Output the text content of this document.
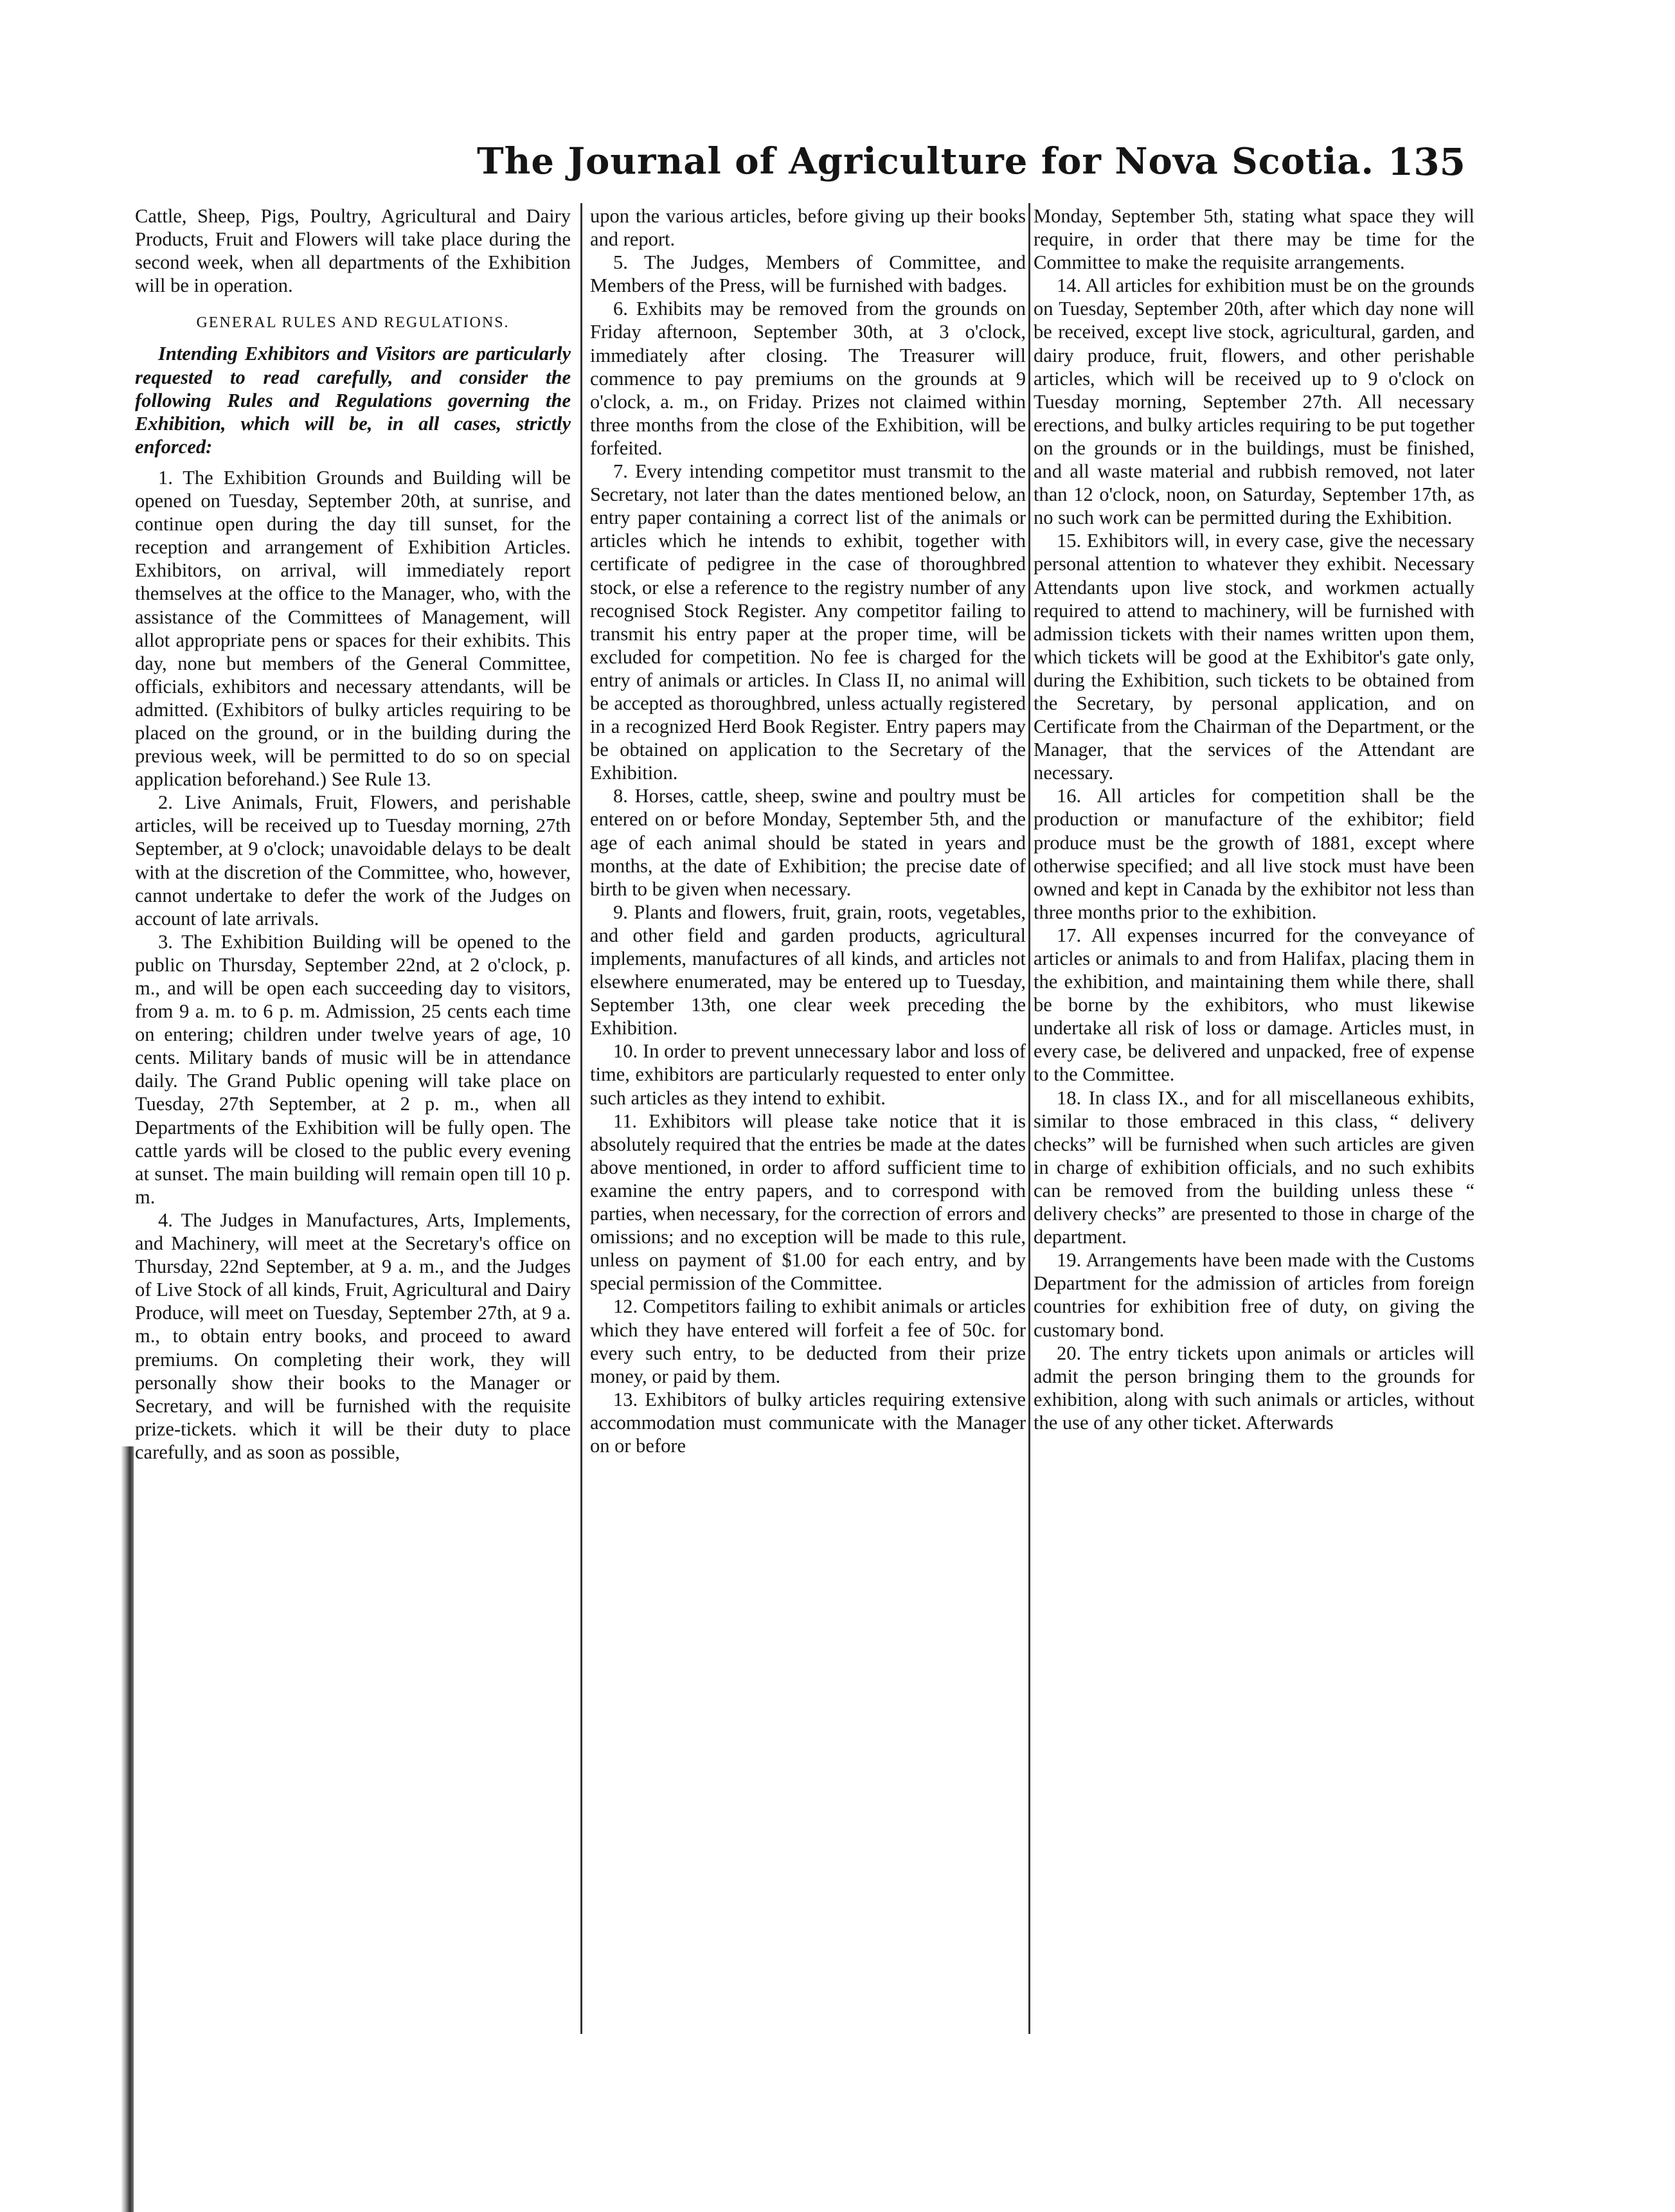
The Journal of Agriculture for Nova Scotia. 135

Cattle, Sheep, Pigs, Poultry, Agricultural and Dairy Products, Fruit and Flowers will take place during the second week, when all departments of the Exhibition will be in operation.

GENERAL RULES AND REGULATIONS.

Intending Exhibitors and Visitors are particularly requested to read carefully, and consider the following Rules and Regulations governing the Exhibition, which will be, in all cases, strictly enforced:

1. The Exhibition Grounds and Building will be opened on Tuesday, September 20th, at sunrise, and continue open during the day till sunset, for the reception and arrangement of Exhibition Articles. Exhibitors, on arrival, will immediately report themselves at the office to the Manager, who, with the assistance of the Committees of Management, will allot appropriate pens or spaces for their exhibits. This day, none but members of the General Committee, officials, exhibitors and necessary attendants, will be admitted. (Exhibitors of bulky articles requiring to be placed on the ground, or in the building during the previous week, will be permitted to do so on special application beforehand.) See Rule 13.

2. Live Animals, Fruit, Flowers, and perishable articles, will be received up to Tuesday morning, 27th September, at 9 o'clock; unavoidable delays to be dealt with at the discretion of the Committee, who, however, cannot undertake to defer the work of the Judges on account of late arrivals.

3. The Exhibition Building will be opened to the public on Thursday, September 22nd, at 2 o'clock, p. m., and will be open each succeeding day to visitors, from 9 a. m. to 6 p. m. Admission, 25 cents each time on entering; children under twelve years of age, 10 cents. Military bands of music will be in attendance daily. The Grand Public opening will take place on Tuesday, 27th September, at 2 p. m., when all Departments of the Exhibition will be fully open. The cattle yards will be closed to the public every evening at sunset. The main building will remain open till 10 p. m.

4. The Judges in Manufactures, Arts, Implements, and Machinery, will meet at the Secretary's office on Thursday, 22nd September, at 9 a. m., and the Judges of Live Stock of all kinds, Fruit, Agricultural and Dairy Produce, will meet on Tuesday, September 27th, at 9 a. m., to obtain entry books, and proceed to award premiums. On completing their work, they will personally show their books to the Manager or Secretary, and will be furnished with the requisite prize-tickets. which it will be their duty to place carefully, and as soon as possible,

upon the various articles, before giving up their books and report.

5. The Judges, Members of Committee, and Members of the Press, will be furnished with badges.

6. Exhibits may be removed from the grounds on Friday afternoon, September 30th, at 3 o'clock, immediately after closing. The Treasurer will commence to pay premiums on the grounds at 9 o'clock, a. m., on Friday. Prizes not claimed within three months from the close of the Exhibition, will be forfeited.

7. Every intending competitor must transmit to the Secretary, not later than the dates mentioned below, an entry paper containing a correct list of the animals or articles which he intends to exhibit, together with certificate of pedigree in the case of thoroughbred stock, or else a reference to the registry number of any recognised Stock Register. Any competitor failing to transmit his entry paper at the proper time, will be excluded for competition. No fee is charged for the entry of animals or articles. In Class II, no animal will be accepted as thoroughbred, unless actually registered in a recognized Herd Book Register. Entry papers may be obtained on application to the Secretary of the Exhibition.

8. Horses, cattle, sheep, swine and poultry must be entered on or before Monday, September 5th, and the age of each animal should be stated in years and months, at the date of Exhibition; the precise date of birth to be given when necessary.

9. Plants and flowers, fruit, grain, roots, vegetables, and other field and garden products, agricultural implements, manufactures of all kinds, and articles not elsewhere enumerated, may be entered up to Tuesday, September 13th, one clear week preceding the Exhibition.

10. In order to prevent unnecessary labor and loss of time, exhibitors are particularly requested to enter only such articles as they intend to exhibit.

11. Exhibitors will please take notice that it is absolutely required that the entries be made at the dates above mentioned, in order to afford sufficient time to examine the entry papers, and to correspond with parties, when necessary, for the correction of errors and omissions; and no exception will be made to this rule, unless on payment of $1.00 for each entry, and by special permission of the Committee.

12. Competitors failing to exhibit animals or articles which they have entered will forfeit a fee of 50c. for every such entry, to be deducted from their prize money, or paid by them.

13. Exhibitors of bulky articles requiring extensive accommodation must communicate with the Manager on or before

Monday, September 5th, stating what space they will require, in order that there may be time for the Committee to make the requisite arrangements.

14. All articles for exhibition must be on the grounds on Tuesday, September 20th, after which day none will be received, except live stock, agricultural, garden, and dairy produce, fruit, flowers, and other perishable articles, which will be received up to 9 o'clock on Tuesday morning, September 27th. All necessary erections, and bulky articles requiring to be put together on the grounds or in the buildings, must be finished, and all waste material and rubbish removed, not later than 12 o'clock, noon, on Saturday, September 17th, as no such work can be permitted during the Exhibition.

15. Exhibitors will, in every case, give the necessary personal attention to whatever they exhibit. Necessary Attendants upon live stock, and workmen actually required to attend to machinery, will be furnished with admission tickets with their names written upon them, which tickets will be good at the Exhibitor's gate only, during the Exhibition, such tickets to be obtained from the Secretary, by personal application, and on Certificate from the Chairman of the Department, or the Manager, that the services of the Attendant are necessary.

16. All articles for competition shall be the production or manufacture of the exhibitor; field produce must be the growth of 1881, except where otherwise specified; and all live stock must have been owned and kept in Canada by the exhibitor not less than three months prior to the exhibition.

17. All expenses incurred for the conveyance of articles or animals to and from Halifax, placing them in the exhibition, and maintaining them while there, shall be borne by the exhibitors, who must likewise undertake all risk of loss or damage. Articles must, in every case, be delivered and unpacked, free of expense to the Committee.

18. In class IX., and for all miscellaneous exhibits, similar to those embraced in this class, “ delivery checks” will be furnished when such articles are given in charge of exhibition officials, and no such exhibits can be removed from the building unless these “ delivery checks” are presented to those in charge of the department.

19. Arrangements have been made with the Customs Department for the admission of articles from foreign countries for exhibition free of duty, on giving the customary bond.

20. The entry tickets upon animals or articles will admit the person bringing them to the grounds for exhibition, along with such animals or articles, without the use of any other ticket. Afterwards
